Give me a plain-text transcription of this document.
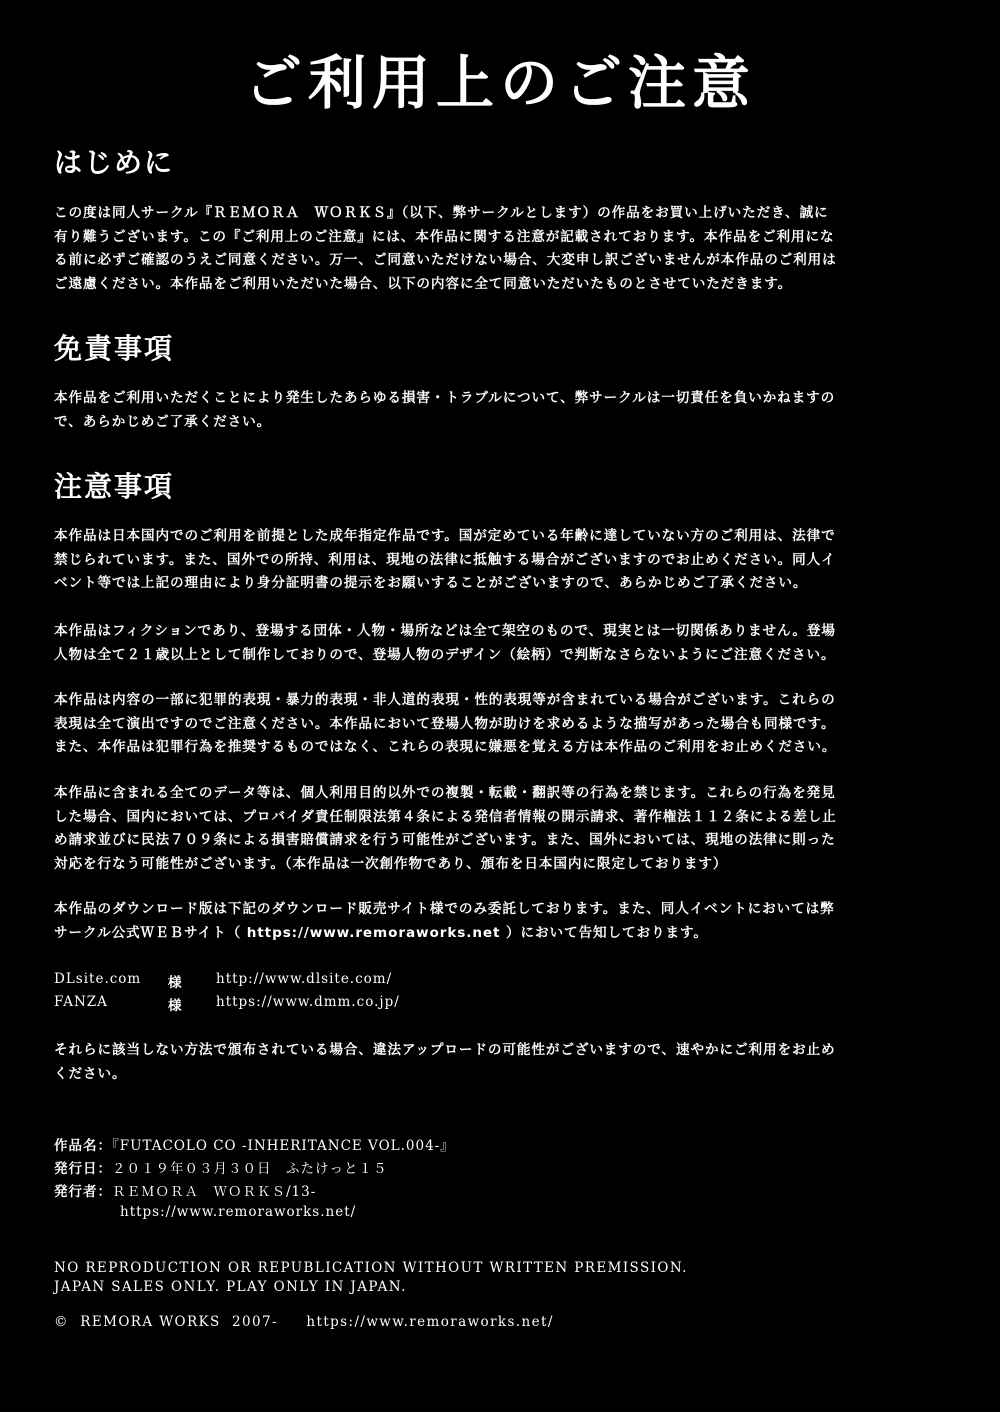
ご利用上のご注意
はじめに
この度は同人サークル『ＲＥＭＯＲＡ　ＷＯＲＫＳ』（以下、弊サークルとします）の作品をお買い上げいただき、誠に
有り難うございます。この『ご利用上のご注意』には、本作品に関する注意が記載されております。本作品をご利用にな
る前に必ずご確認のうえご同意ください。万一、ご同意いただけない場合、大変申し訳ございませんが本作品のご利用は
ご遠慮ください。本作品をご利用いただいた場合、以下の内容に全て同意いただいたものとさせていただきます。
免責事項
本作品をご利用いただくことにより発生したあらゆる損害・トラブルについて、弊サークルは一切責任を負いかねますの
で、あらかじめご了承ください。
注意事項
本作品は日本国内でのご利用を前提とした成年指定作品です。国が定めている年齢に達していない方のご利用は、法律で
禁じられています。また、国外での所持、利用は、現地の法律に抵触する場合がございますのでお止めください。同人イ
ベント等では上記の理由により身分証明書の提示をお願いすることがございますので、あらかじめご了承ください。
本作品はフィクションであり、登場する団体・人物・場所などは全て架空のもので、現実とは一切関係ありません。登場
人物は全て２１歳以上として制作しておりので、登場人物のデザイン（絵柄）で判断なさらないようにご注意ください。
本作品は内容の一部に犯罪的表現・暴力的表現・非人道的表現・性的表現等が含まれている場合がございます。これらの
表現は全て演出ですのでご注意ください。本作品において登場人物が助けを求めるような描写があった場合も同様です。
また、本作品は犯罪行為を推奨するものではなく、これらの表現に嫌悪を覚える方は本作品のご利用をお止めください。
本作品に含まれる全てのデータ等は、個人利用目的以外での複製・転載・翻訳等の行為を禁じます。これらの行為を発見
した場合、国内においては、プロバイダ責任制限法第４条による発信者情報の開示請求、著作権法１１２条による差し止
め請求並びに民法７０９条による損害賠償請求を行う可能性がございます。また、国外においては、現地の法律に則った
対応を行なう可能性がございます。（本作品は一次創作物であり、頒布を日本国内に限定しております）
本作品のダウンロード版は下記のダウンロード販売サイト様でのみ委託しております。また、同人イベントにおいては弊
サークル公式ＷＥＢサイト（ https://www.remoraworks.net ）において告知しております。
DLsite.com 様 http://www.dlsite.com/
FANZA	様 https://www.dmm.co.jp/
それらに該当しない方法で頒布されている場合、違法アップロードの可能性がございますので、速やかにご利用をお止め
ください。
作品名：『FUTACOLO CO -INHERITANCE VOL.004-』
発行日：２０１９年０３月３０日　ふたけっと１５
発行者：ＲＥＭＯＲＡ　ＷＯＲＫＳ/13-
https://www.remoraworks.net/
NO REPRODUCTION OR REPUBLICATION WITHOUT WRITTEN PREMISSION.
JAPAN SALES ONLY. PLAY ONLY IN JAPAN.
©  REMORA WORKS  2007-     https://www.remoraworks.net/
